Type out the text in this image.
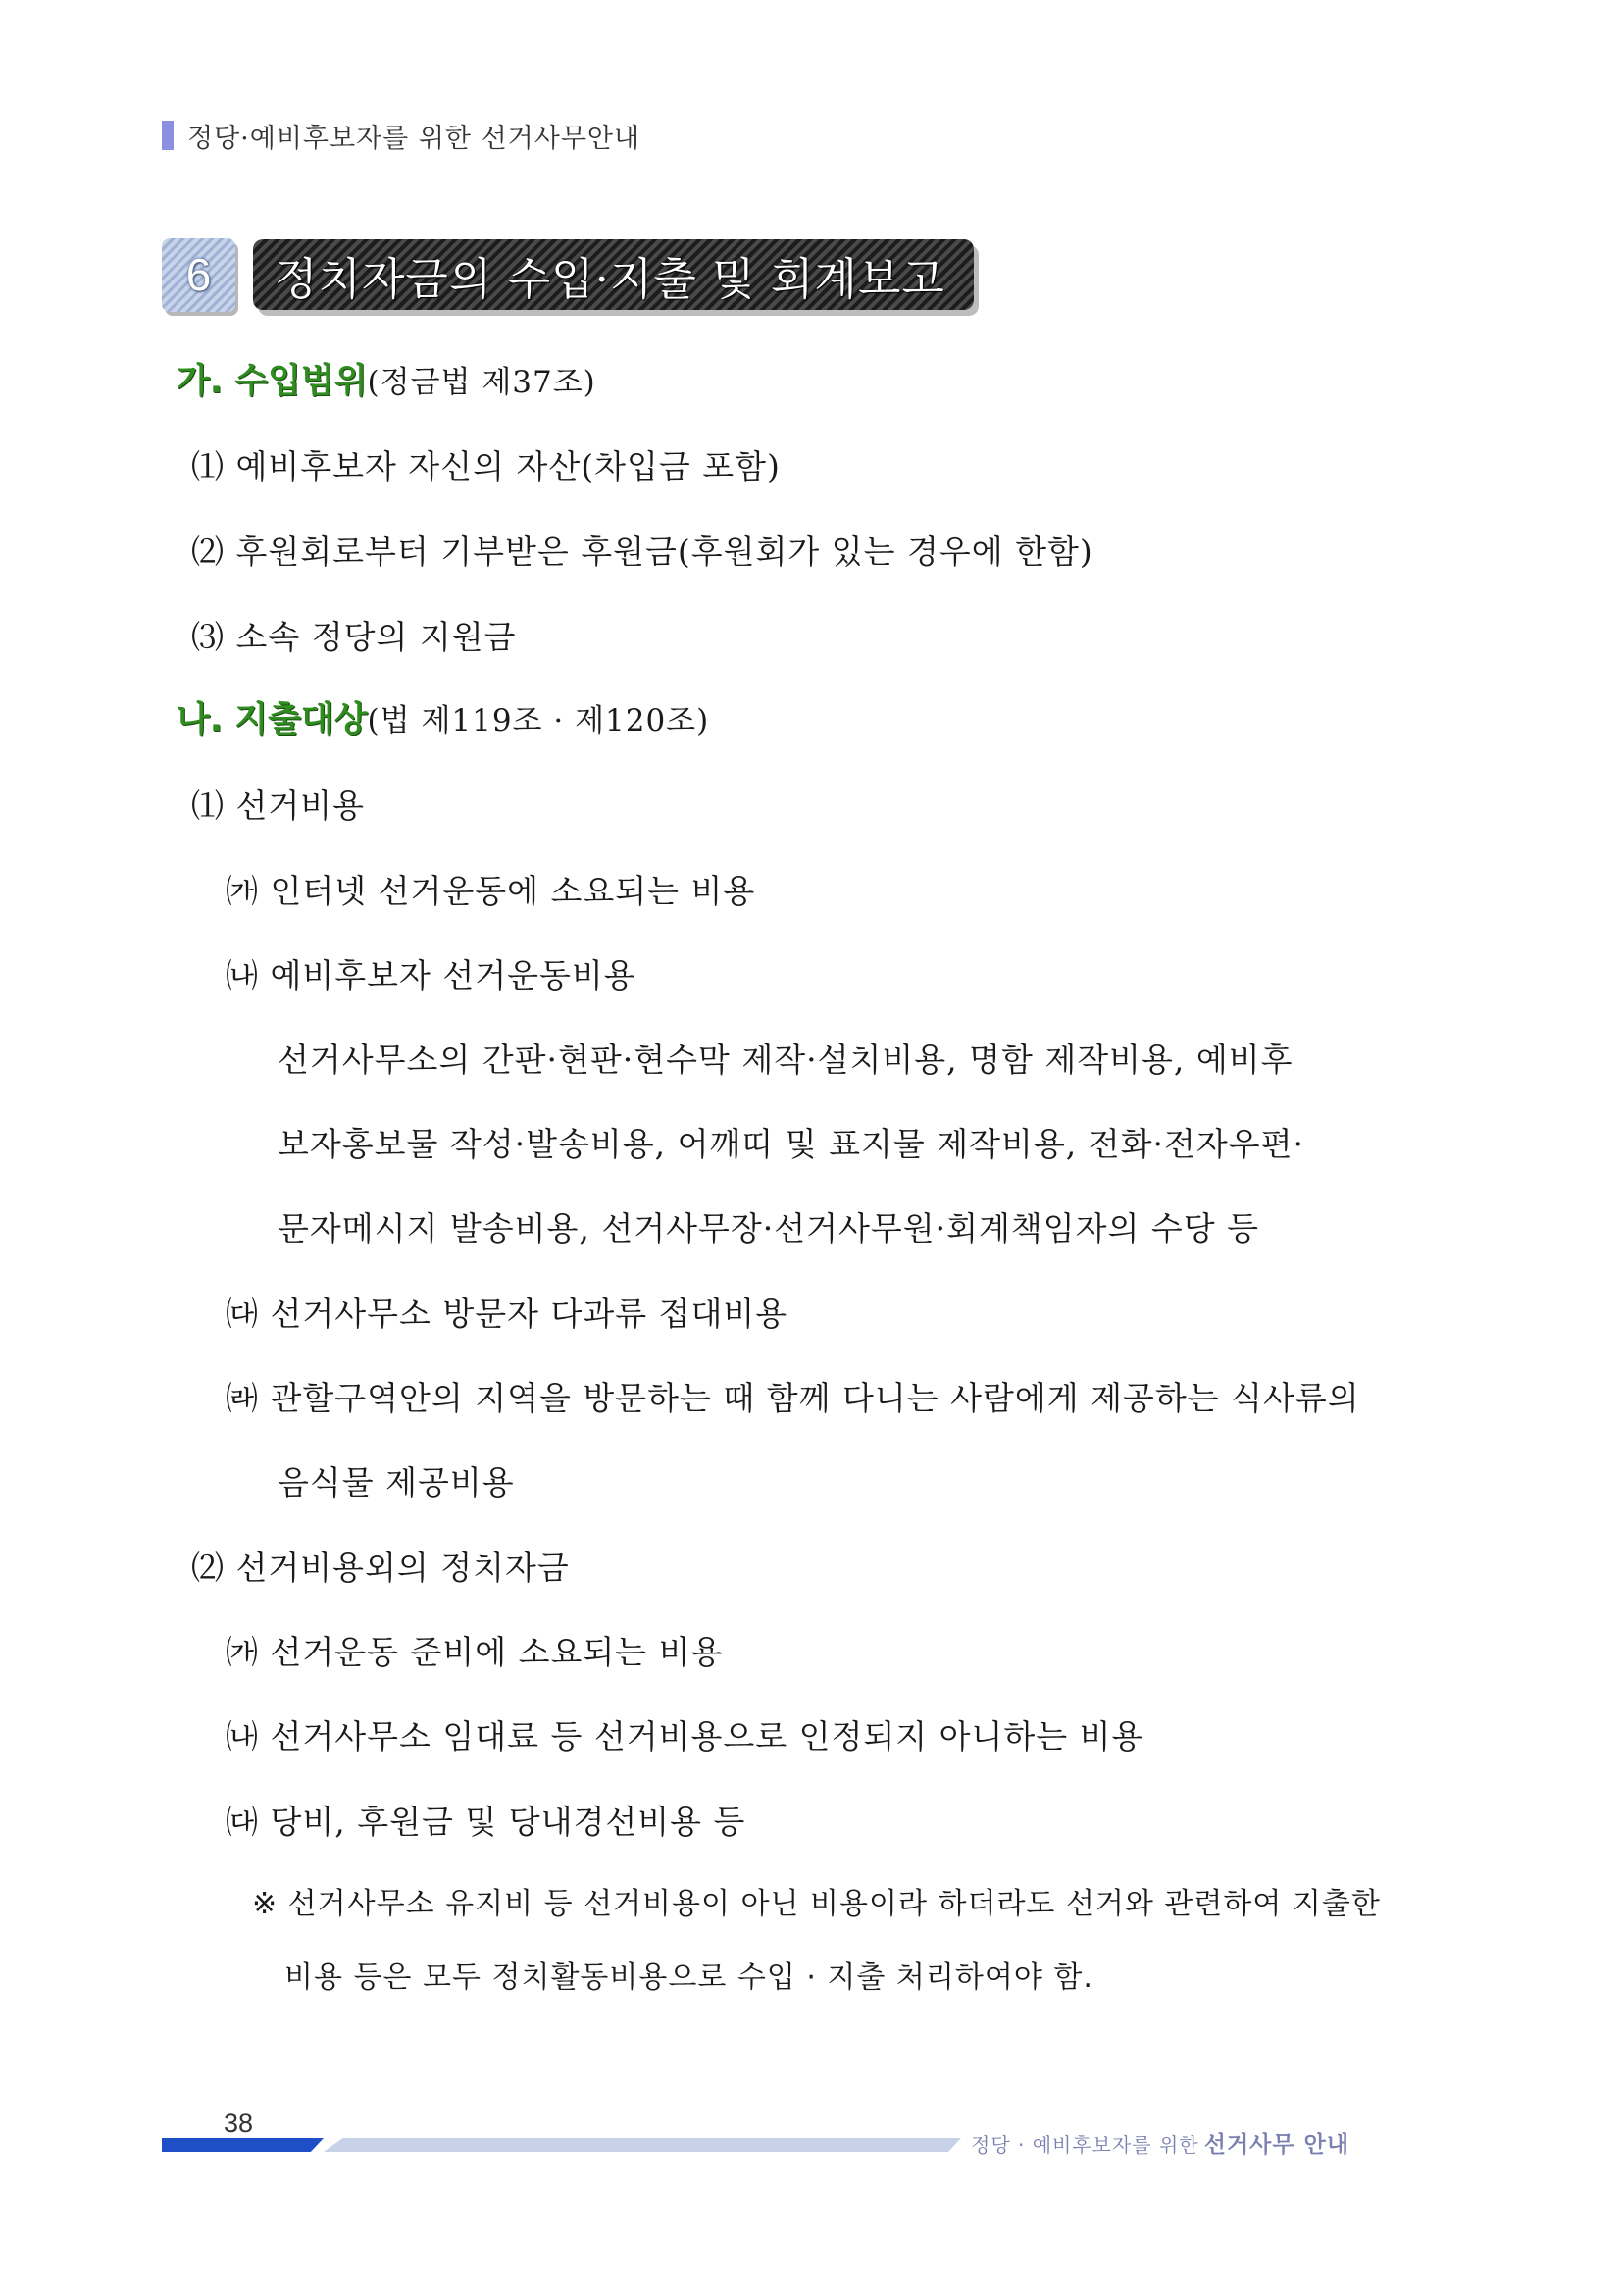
정당·예비후보자를 위한 선거사무안내
6	정치자금의 수입·지출 및 회계보고
가. 수입범위(정금법 제37조)
⑴ 예비후보자 자신의 자산(차입금 포함)
⑵ 후원회로부터 기부받은 후원금(후원회가 있는 경우에 한함)
⑶ 소속 정당의 지원금
나. 지출대상(법 제119조 · 제120조)
⑴ 선거비용
㈎ 인터넷 선거운동에 소요되는 비용
㈏ 예비후보자 선거운동비용
선거사무소의 간판·현판·현수막 제작·설치비용, 명함 제작비용, 예비후
보자홍보물 작성·발송비용, 어깨띠 및 표지물 제작비용, 전화·전자우편·
문자메시지 발송비용, 선거사무장·선거사무원·회계책임자의 수당 등
㈐ 선거사무소 방문자 다과류 접대비용
㈑ 관할구역안의 지역을 방문하는 때 함께 다니는 사람에게 제공하는 식사류의
음식물 제공비용
⑵ 선거비용외의 정치자금
㈎ 선거운동 준비에 소요되는 비용
㈏ 선거사무소 임대료 등 선거비용으로 인정되지 아니하는 비용
㈐ 당비, 후원금 및 당내경선비용 등
※ 선거사무소 유지비 등 선거비용이 아닌 비용이라 하더라도 선거와 관련하여 지출한
비용 등은 모두 정치활동비용으로 수입 · 지출 처리하여야 함.
38
정당 · 예비후보자를 위한 선거사무 안내
